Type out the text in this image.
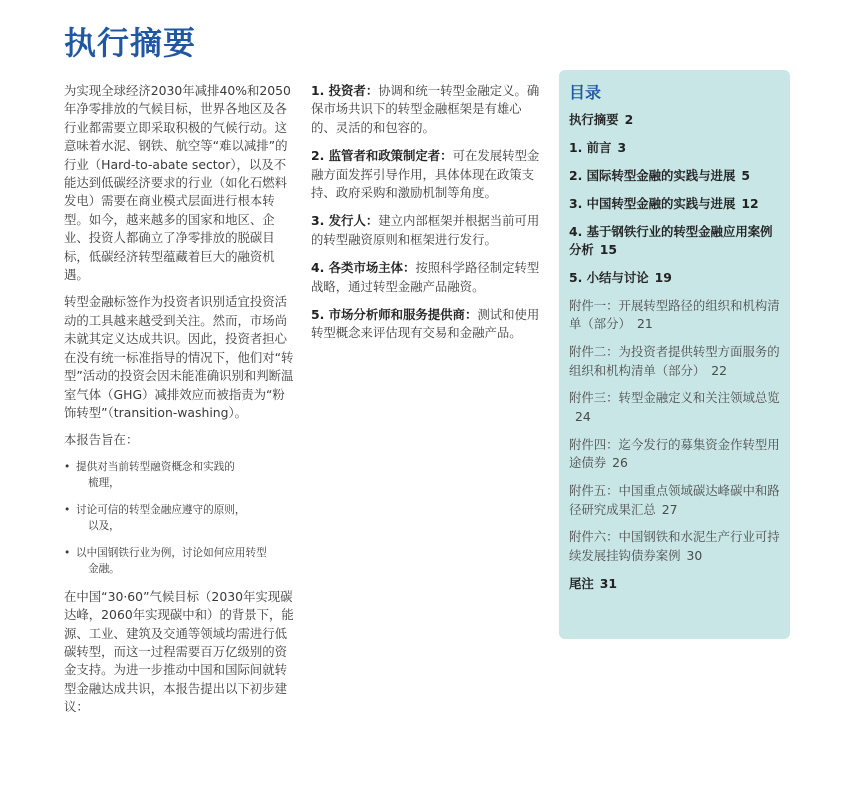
执行摘要

为实现全球经济2030年减排40%和2050年净零排放的气候目标，世界各地区及各行业都需要立即采取积极的气候行动。这意味着水泥、钢铁、航空等“难以减排”的行业（Hard-to-abate sector），以及不能达到低碳经济要求的行业（如化石燃料发电）需要在商业模式层面进行根本转型。如今，越来越多的国家和地区、企业、投资人都确立了净零排放的脱碳目标，低碳经济转型蕴藏着巨大的融资机遇。

转型金融标签作为投资者识别适宜投资活动的工具越来越受到关注。然而，市场尚未就其定义达成共识。因此，投资者担心在没有统一标准指导的情况下，他们对“转型”活动的投资会因未能准确识别和判断温室气体（GHG）减排效应而被指责为“粉饰转型”（transition-washing）。

本报告旨在：

• 提供对当前转型融资概念和实践的
梳理，
• 讨论可信的转型金融应遵守的原则，
以及，
• 以中国钢铁行业为例，讨论如何应用转型
金融。

在中国“30·60”气候目标（2030年实现碳达峰，2060年实现碳中和）的背景下，能源、工业、建筑及交通等领域均需进行低碳转型，而这一过程需要百万亿级别的资金支持。为进一步推动中国和国际间就转型金融达成共识，本报告提出以下初步建议：

1. 投资者：协调和统一转型金融定义。确保市场共识下的转型金融框架是有雄心的、灵活的和包容的。

2. 监管者和政策制定者：可在发展转型金融方面发挥引导作用，具体体现在政策支持、政府采购和激励机制等角度。

3. 发行人：建立内部框架并根据当前可用的转型融资原则和框架进行发行。

4. 各类市场主体：按照科学路径制定转型战略，通过转型金融产品融资。

5. 市场分析师和服务提供商：测试和使用转型概念来评估现有交易和金融产品。

目录
执行摘要 2
1. 前言 3
2. 国际转型金融的实践与进展 5
3. 中国转型金融的实践与进展 12
4. 基于钢铁行业的转型金融应用案例分析 15
5. 小结与讨论 19
附件一：开展转型路径的组织和机构清单（部分） 21
附件二：为投资者提供转型方面服务的组织和机构清单（部分） 22
附件三：转型金融定义和关注领域总览24
附件四：迄今发行的募集资金作转型用途债券 26
附件五：中国重点领域碳达峰碳中和路径研究成果汇总 27
附件六：中国钢铁和水泥生产行业可持续发展挂钩债券案例 30
尾注 31
